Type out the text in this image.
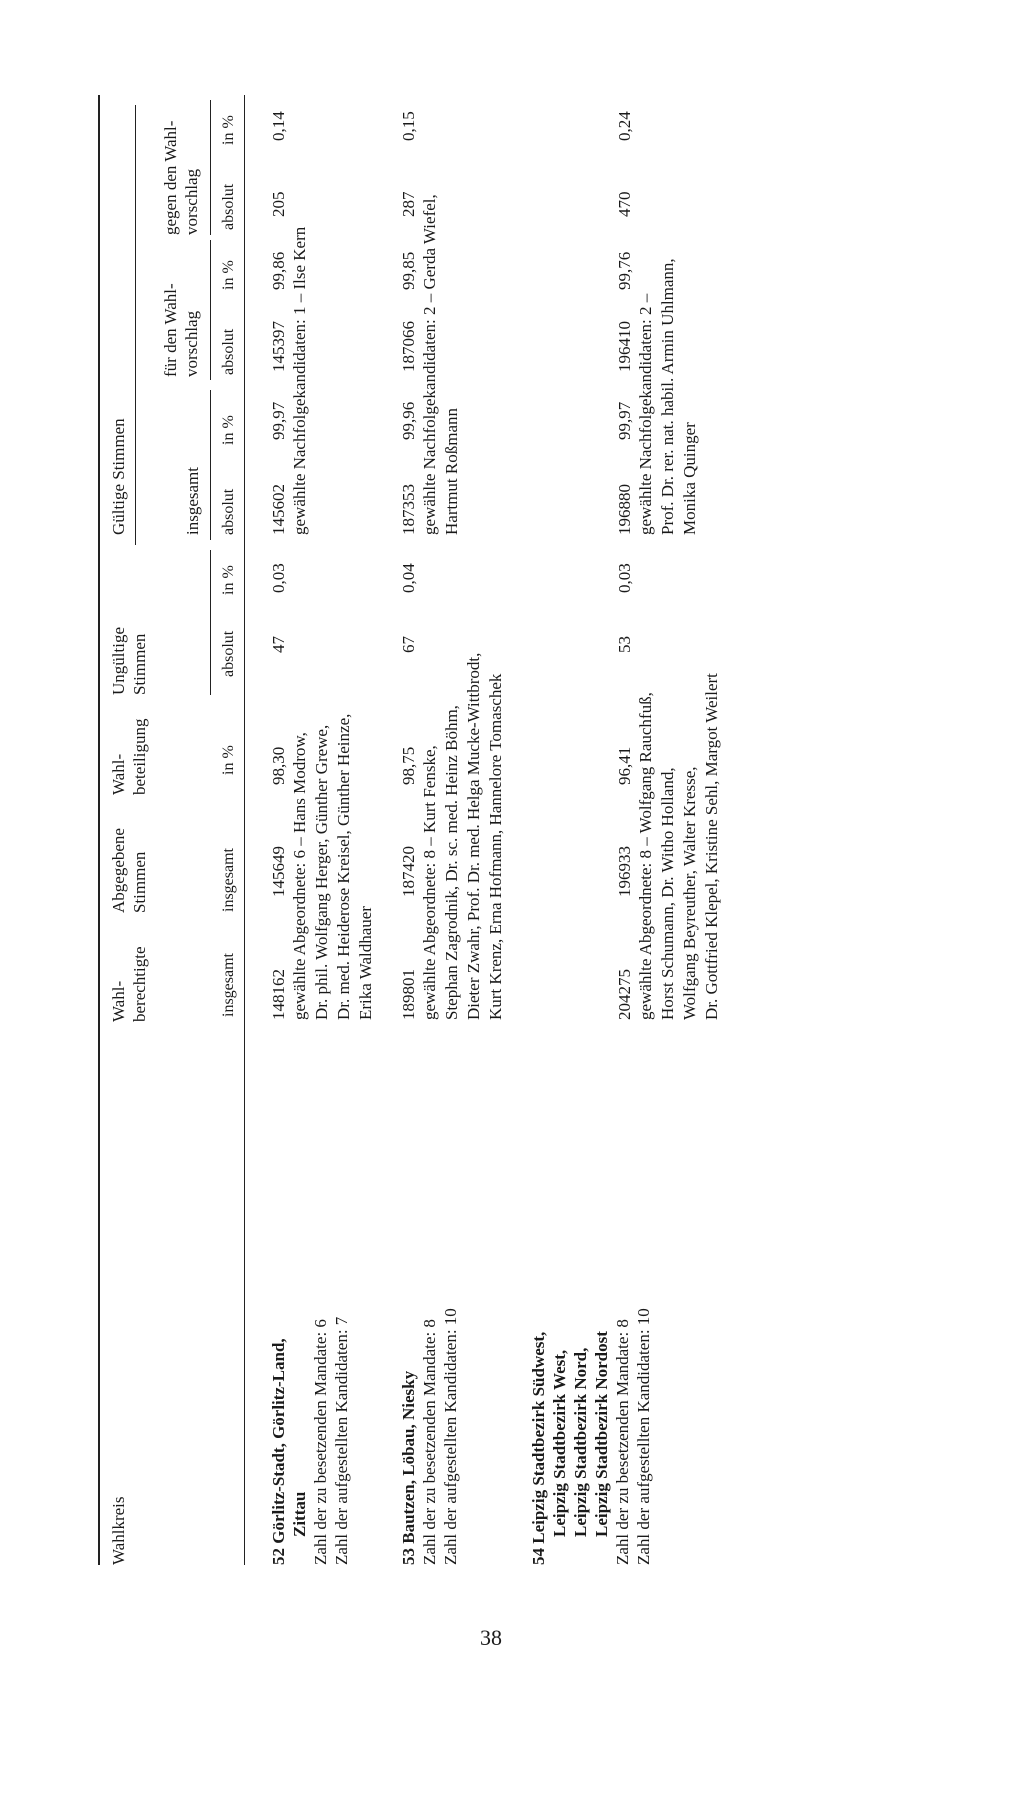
Wahlkreis
Wahl- berechtigte
Abgegebene Stimmen
Wahl- beteiligung
Ungültige Stimmen
Gültige Stimmen	insgesamt
für den Wahl- vorschlag
gegen den Wahl- vorschlag
insgesamt
insgesamt
in %
absolut
in %
absolut
in %
absolut
in %
absolut
in %
52 Görlitz-Stadt, Görlitz-Land, Zittau Zahl der zu besetzenden Mandate: 6 Zahl der aufgestellten Kandidaten: 7
148162
145649
98,30
47
0,03
145602
99,97
145397
99,86
205
0,14
gewählte Abgeordnete: 6 – Hans Modrow, Dr. phil. Wolfgang Herger, Günther Grewe, Dr. med. Heiderose Kreisel, Günther Heinze, Erika Waldhauer
gewählte Nachfolgekandidaten: 1 – Ilse Kern
53 Bautzen, Löbau, Niesky Zahl der zu besetzenden Mandate: 8 Zahl der aufgestellten Kandidaten: 10
189801
187420
98,75
67
0,04
187353
99,96
187066
99,85
287
0,15
gewählte Abgeordnete: 8 – Kurt Fenske, Stephan Zagrodnik, Dr. sc. med. Heinz Böhm, Dieter Zwahr, Prof. Dr. med. Helga Mucke-Wittbrodt, Kurt Krenz, Erna Hofmann, Hannelore Tomaschek
gewählte Nachfolgekandidaten: 2 – Gerda Wiefel, Hartmut Roßmann
54 Leipzig Stadtbezirk Südwest, Leipzig Stadtbezirk West, Leipzig Stadtbezirk Nord, Leipzig Stadtbezirk Nordost Zahl der zu besetzenden Mandate: 8 Zahl der aufgestellten Kandidaten: 10
204275
196933
96,41
53
0,03
196880
99,97
196410
99,76
470
0,24
gewählte Abgeordnete: 8 – Wolfgang Rauchfuß, Horst Schumann, Dr. Witho Holland, Wolfgang Beyreuther, Walter Kresse, Dr. Gottfried Klepel, Kristine Sehl, Margot Weilert
gewählte Nachfolgekandidaten: 2 – Prof. Dr. rer. nat. habil. Armin Uhlmann, Monika Quinger
38
